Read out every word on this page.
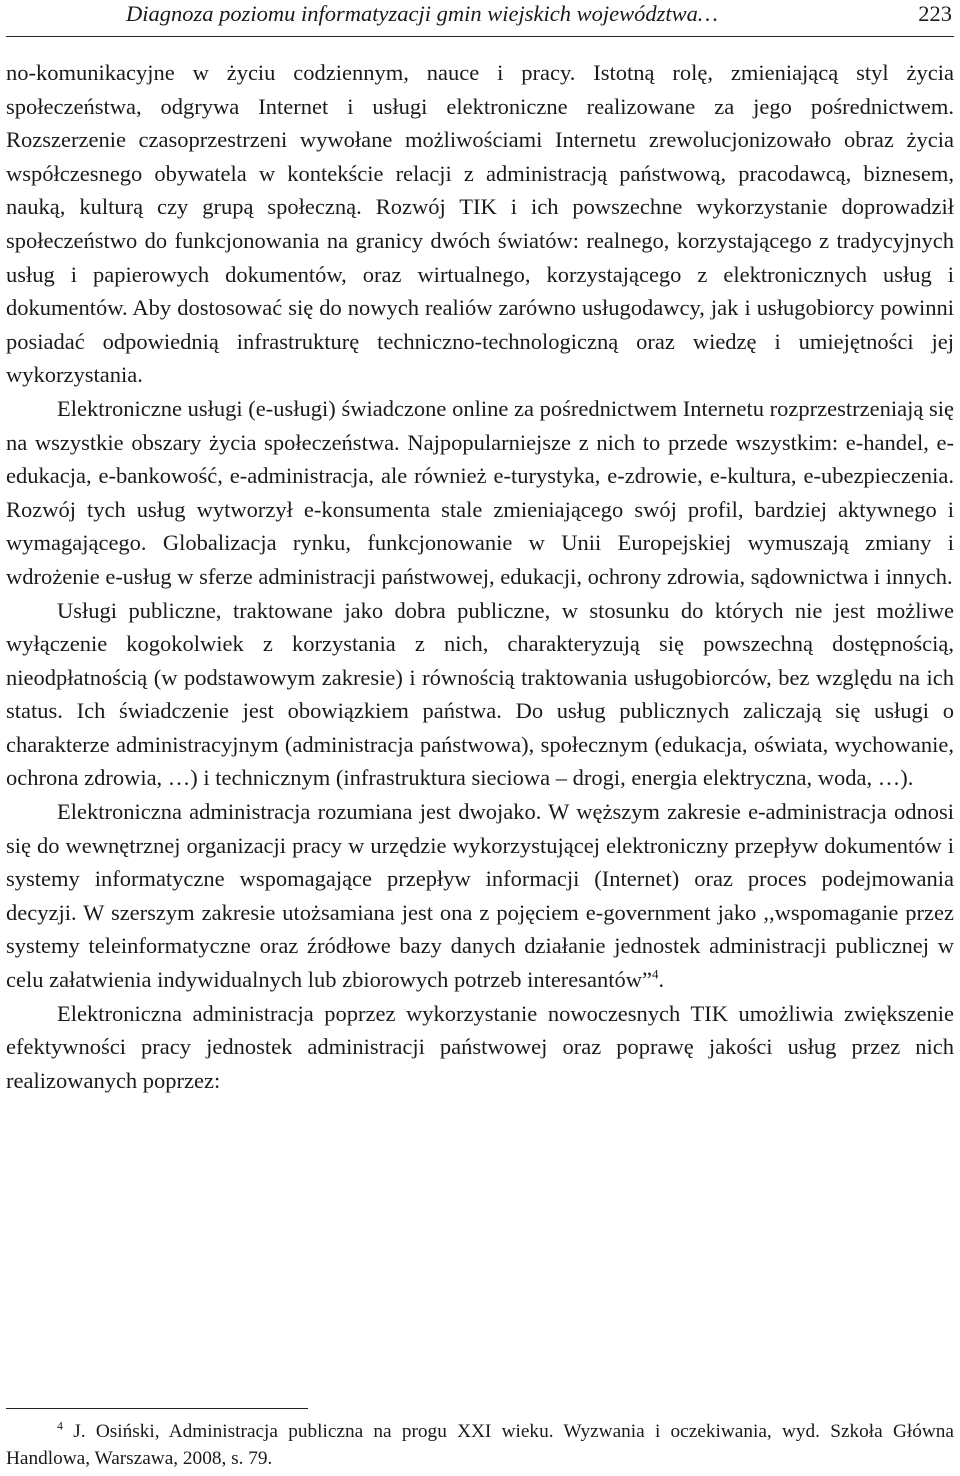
Diagnoza poziomu informatyzacji gmin wiejskich województwa…	223

no-komunikacyjne w życiu codziennym, nauce i pracy. Istotną rolę, zmieniającą styl życia społeczeństwa, odgrywa Internet i usługi elektroniczne realizowane za jego pośrednictwem. Rozszerzenie czasoprzestrzeni wywołane możliwościami Internetu zrewolucjonizowało obraz życia współczesnego obywatela w kontekście relacji z administracją państwową, pracodawcą, biznesem, nauką, kulturą czy grupą społeczną. Rozwój TIK i ich powszechne wykorzystanie doprowadził społeczeństwo do funkcjonowania na granicy dwóch światów: realnego, korzystającego z tradycyjnych usług i papierowych dokumentów, oraz wirtualnego, korzystającego z elektronicznych usług i dokumentów. Aby dostosować się do nowych realiów zarówno usługodawcy, jak i usługobiorcy powinni posiadać odpowiednią infrastrukturę techniczno-technologiczną oraz wiedzę i umiejętności jej wykorzystania.

Elektroniczne usługi (e-usługi) świadczone online za pośrednictwem Internetu rozprzestrzeniają się na wszystkie obszary życia społeczeństwa. Najpopularniejsze z nich to przede wszystkim: e-handel, e-edukacja, e-bankowość, e-administracja, ale również e-turystyka, e-zdrowie, e-kultura, e-ubezpieczenia. Rozwój tych usług wytworzył e-konsumenta stale zmieniającego swój profil, bardziej aktywnego i wymagającego. Globalizacja rynku, funkcjonowanie w Unii Europejskiej wymuszają zmiany i wdrożenie e-usług w sferze administracji państwowej, edukacji, ochrony zdrowia, sądownictwa i innych.

Usługi publiczne, traktowane jako dobra publiczne, w stosunku do których nie jest możliwe wyłączenie kogokolwiek z korzystania z nich, charakteryzują się powszechną dostępnością, nieodpłatnością (w podstawowym zakresie) i równością traktowania usługobiorców, bez względu na ich status. Ich świadczenie jest obowiązkiem państwa. Do usług publicznych zaliczają się usługi o charakterze administracyjnym (administracja państwowa), społecznym (edukacja, oświata, wychowanie, ochrona zdrowia, …) i technicznym (infrastruktura sieciowa – drogi, energia elektryczna, woda, …).

Elektroniczna administracja rozumiana jest dwojako. W węższym zakresie e-administracja odnosi się do wewnętrznej organizacji pracy w urzędzie wykorzystującej elektroniczny przepływ dokumentów i systemy informatyczne wspomagające przepływ informacji (Internet) oraz proces podejmowania decyzji. W szerszym zakresie utożsamiana jest ona z pojęciem e-government jako ,,wspomaganie przez systemy teleinformatyczne oraz źródłowe bazy danych działanie jednostek administracji publicznej w celu załatwienia indywidualnych lub zbiorowych potrzeb interesantów”$^4$.

Elektroniczna administracja poprzez wykorzystanie nowoczesnych TIK umożliwia zwiększenie efektywności pracy jednostek administracji państwowej oraz poprawę jakości usług przez nich realizowanych poprzez:

$^4$ J. Osiński, Administracja publiczna na progu XXI wieku. Wyzwania i oczekiwania, wyd. Szkoła Główna Handlowa, Warszawa, 2008, s. 79.
